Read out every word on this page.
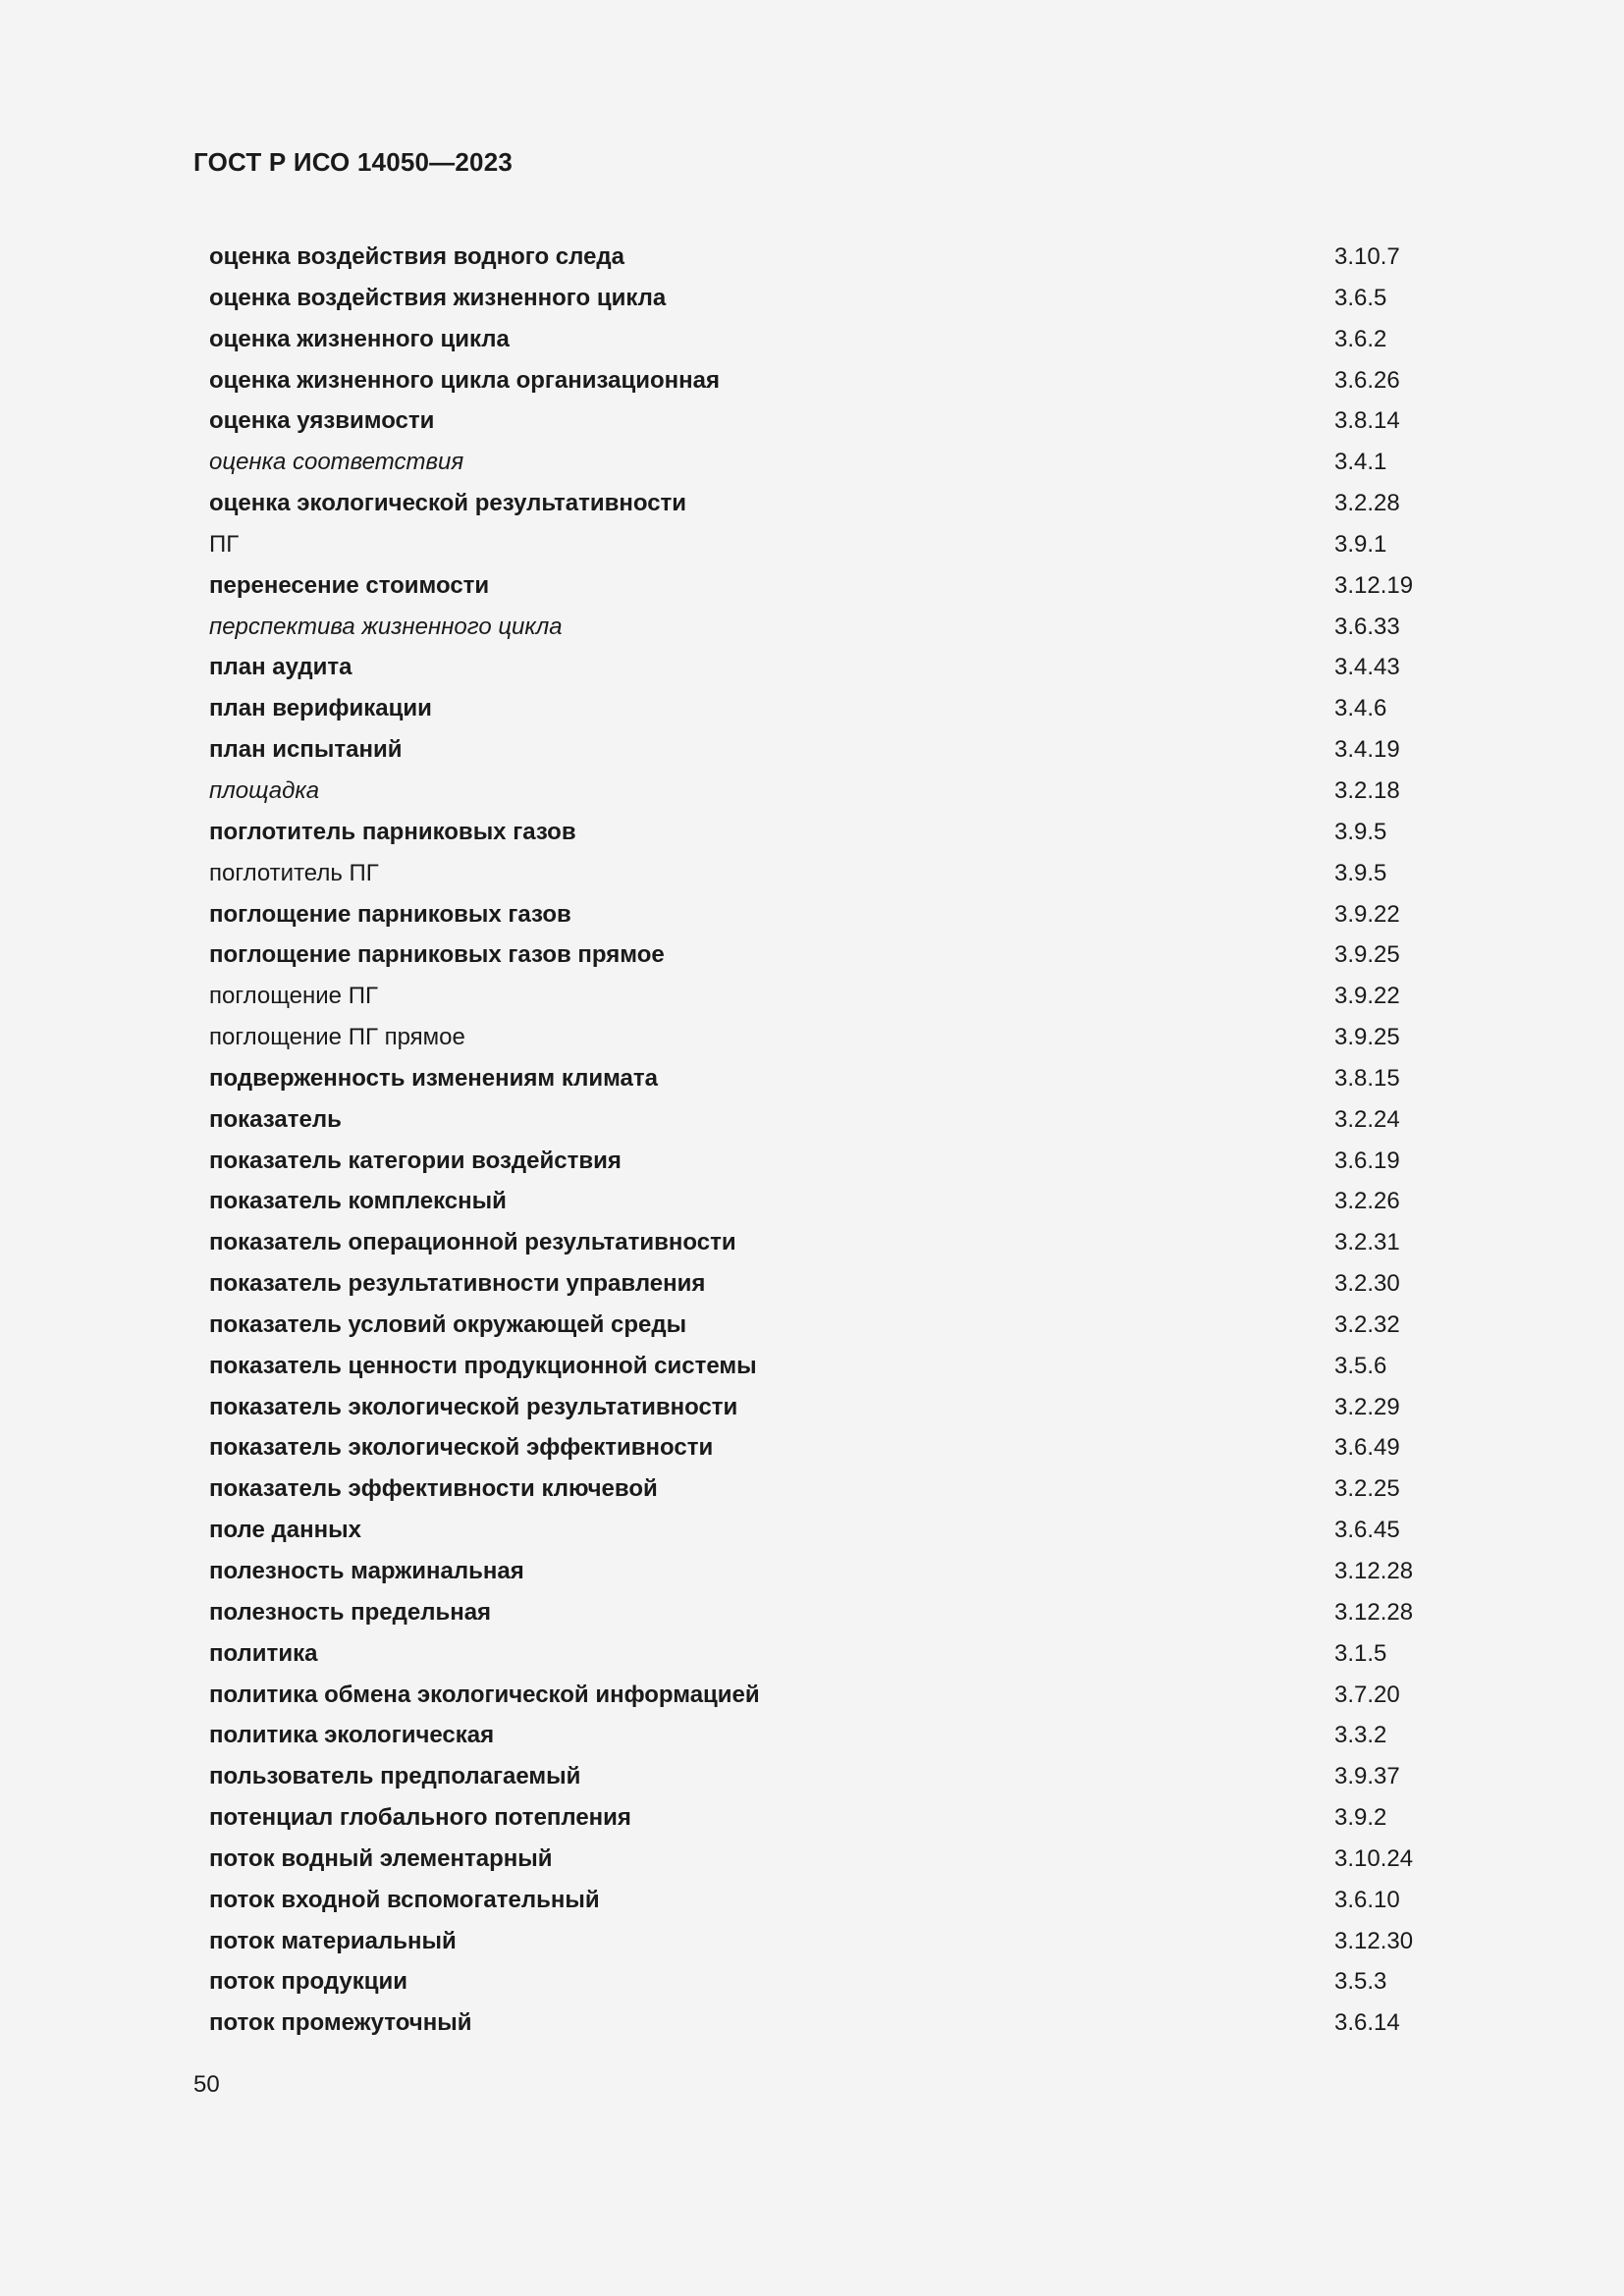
ГОСТ Р ИСО 14050—2023
оценка воздействия водного следа	3.10.7
оценка воздействия жизненного цикла	3.6.5
оценка жизненного цикла	3.6.2
оценка жизненного цикла организационная	3.6.26
оценка уязвимости	3.8.14
оценка соответствия	3.4.1
оценка экологической результативности	3.2.28
ПГ	3.9.1
перенесение стоимости	3.12.19
перспектива жизненного цикла	3.6.33
план аудита	3.4.43
план верификации	3.4.6
план испытаний	3.4.19
площадка	3.2.18
поглотитель парниковых газов	3.9.5
поглотитель ПГ	3.9.5
поглощение парниковых газов	3.9.22
поглощение парниковых газов прямое	3.9.25
поглощение ПГ	3.9.22
поглощение ПГ прямое	3.9.25
подверженность изменениям климата	3.8.15
показатель	3.2.24
показатель категории воздействия	3.6.19
показатель комплексный	3.2.26
показатель операционной результативности	3.2.31
показатель результативности управления	3.2.30
показатель условий окружающей среды	3.2.32
показатель ценности продукционной системы	3.5.6
показатель экологической результативности	3.2.29
показатель экологической эффективности	3.6.49
показатель эффективности ключевой	3.2.25
поле данных	3.6.45
полезность маржинальная	3.12.28
полезность предельная	3.12.28
политика	3.1.5
политика обмена экологической информацией	3.7.20
политика экологическая	3.3.2
пользователь предполагаемый	3.9.37
потенциал глобального потепления	3.9.2
поток водный элементарный	3.10.24
поток входной вспомогательный	3.6.10
поток материальный	3.12.30
поток продукции	3.5.3
поток промежуточный	3.6.14
50
